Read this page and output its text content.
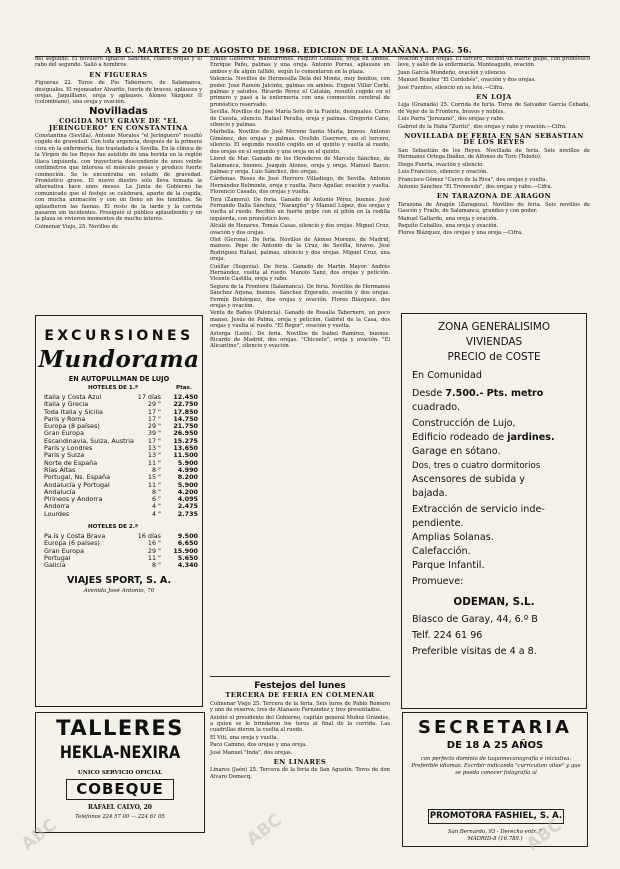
A B C. MARTES 20 DE AGOSTO DE 1968. EDICION DE LA MAÑANA. PAG. 56.

del segundo. El novillero Ignacio Sánchez, cuatro orejas y el rabo del segundo. Salió a hombros.

EN FIGUERAS

Figueras 22. Toros de Pío Tabernero, de Salamanca, desiguales. El rejoneador Alvarito, fuerte de bravos, aplausos y orejas. Jaquilliano, oreja y aplausos. Alonso Vázquez II (colombiano), una oreja y ovación.

Novilladas
COGIDA MUY GRAVE DE "EL JERINGUERO" EN CONSTANTINA

Constantina (Sevilla). Antonio Morales "el Jeringuero" resultó cogido de gravedad. Con toda urgencia, después de la primera cura en la enfermería, fue trasladado a Sevilla. En la clínica de la Virgen de los Reyes fue asistido de una herida en la región ilíaca izquierda, con trayectoria descendente de unos veinte centímetros que interesa el músculo psoas y produce fuerte conmoción. Se le encontraba en estado de gravedad. Pronóstico grave. El nuevo diestro sólo lleva tomada la alternativa hace unos meses. La Junta de Gobierno ha comunicado que el festejo se celebrará, aparte de la cogida, con mucha animación y con un lleno en los tendidos. Se aplaudieron las faenas. El resto de la tarde y la corrida pasaron sin incidentes. Prosiguió el público aplaudiendo y en la plaza se vivieron momentos de mucho interés.

Colmenar Viejo, 25. Novillos de

Emilio Gutiérrez, mansurrones. Paquito Ceballos, oreja en ambos. Enrique Paño, palmas y una oreja. Antonio Porras, aplausos en ambos y de algún fallido, según lo comentaron en la plaza.

Valencia. Novillos de Hermosilla Dela del Monte, muy bonitos, con poder. José Ramón Jalcinte, palmas en ambos. Eugeni Villar Corbí, palmas y saludos. Ricardo Pérez el Catalán, resultó cogido en el primero y pasó a la enfermería con una conmoción cerebral de pronóstico reservado.

Sevilla. Novillos de José María Soto de la Fuente, desiguales. Curro de Cuesta, silencio. Rafael Peralta, oreja y palmas. Gregorio Cano, silencio y palmas.

Marbella. Novillos de José Moreno Santa María, bravos. Antonio Giménez, dos orejas y palmas. Ocelido Guerrero, en el tercero, silencio. El segundo resultó cogido en el quinto y vuelta al ruedo, dos orejas en el segundo y una oreja en el quinto.

Lloret de Mar. Ganado de los Herederos de Marcelo Sánchez, de Salamanca, buenos. Joaquín Alonso, oreja y oreja. Manuel Barco, palmas y oreja. Luis Sánchez, dos orejas.

Cárdenas. Reses de José Herrero Villadiego, de Sevilla. Antonio Hernández Belmonte, oreja y vuelta. Paco Aguilar, ovación y vuelta. Florencio Casado, dos orejas y vuelta.

Tora (Zamora). De feria. Ganado de Antonio Pérez, buenos. José Fernando Dalla Sánchez, "Naranjito" y Manuel López, dos orejas y vuelta al ruedo. Recibió un fuerte golpe con el pitón en la rodilla izquierda, con pronóstico leve.

Alcalá de Henares. Tomás Casas, silencio y dos orejas. Miguel Cruz, ovación y dos orejas.

Olot (Gerona). De feria. Novillos de Alonso Moreno, de Madrid, mansos. Pepe de Antonio de la Cruz, de Sevilla, bravos. José Rodríguez Rafael, palmas, silencio y dos orejas. Miguel Cruz, una oreja.

Cuéllar (Segovia). De feria. Ganado de Martín Mayor. Andrés Hernández, vuelta al ruedo. Manolo Sanz, dos orejas y petición. Vicente Castilla, oreja y rabo.

Segura de la Frontera (Salamanca). De feria. Novillos de Hermanos Sánchez Arjona, buenos. Sánchez Enjerado, ovación y dos orejas. Fermín Bohórquez, dos orejas y ovación. Flores Blázquez, dos orejas y ovación.

Venta de Baños (Palencia). Ganado de Rosalía Tabernero, un poco manso. Jesús de Palma, oreja y petición. Gabriel de la Casa, dos orejas y vuelta al ruedo. "El Regor", ovación y vuelta.

Astorga (León). De feria. Novillos de Isabel Ramírez, buenos. Ricardo de Madrid, dos orejas. "Chicuelo", oreja y ovación. "El Alicantino", silencio y ovación.

Festejos del lunes
TERCERA DE FERIA EN COLMENAR

Colmenar Viejo 25. Tercera de la feria. Seis toros de Pablo Romero y uno de reserva, tres de Atanasio Fernández y tres presentados.

Asistió el presidente del Gobierno, capitán general Muñoz Grandes, a quien se le brindaron los toros al final de la corrida. Las cuadrillas dieron la vuelta al ruedo.

El Viti, una oreja y vuelta.

Paco Camino, dos orejas y una oreja.

José Manuel "Inda", dos orejas.

EN LINARES

Linares (Jaén) 25. Tercera de la feria de San Agustín. Toros de don Alvaro Domecq.

ovación y dos orejas. El tercero, recibió un fuerte golpe, con pronóstico leve, y salió de la enfermería. Monteagudo, ovación.

Juan García Mondeño, ovación y silencio.

Manuel Benítez "El Cordobés", ovación y dos orejas.

José Fuentes, silencio en su lote.—Cifra.

EN LOJA

Loja (Granada) 25. Corrida de feria. Toros de Salvador García Cebada, de Vejer de la Frontera, bravos y nobles.

Luis Parra "Jerezano", dos orejas y rabo.

Gabriel de la Haba "Zurito", dos orejas y rabo y ovación.—Cifra.

NOVILLADA DE FERIA EN SAN SEBASTIAN DE LOS REYES

San Sebastián de los Reyes. Novillada de feria. Seis novillos de Hermanos Ortega Ibáñez, de Alfonso de Toro (Toledo).

Diego Puerta, ovación y silencio.

Luis Francisco, silencio y ovación.

Francisco Gómez "Curro de la Riva", dos orejas y vuelta.

Antonio Sánchez "El Tremendo", dos orejas y rabo.—Cifra.

EN TARAZONA DE ARAGON

Tarazona de Aragón (Zaragoza). Novillos de feria. Seis novillos de Gascón y Fraile, de Salamanca, grandes y con poder.

Manuel Gallardo, una oreja y ovación.

Paquito Ceballos, una oreja y ovación.

Flores Blázquez, dos orejas y una oreja.—Cifra.

EXCURSIONES
Mundorama
EN AUTOPULLMAN DE LUJO
HOTELES DE 1.ª	Ptas.
Italia y Costa Azul	17 días	12.450
Italia y Grecia	29 "	22.750
Toda Italia y Sicilia	17 "	17.850
Paris y Roma	17 "	14.750
Europa (8 países)	29 "	21.750
Gran Europa	39 "	26.950
Escandinavia, Suiza, Austria	17 "	15.275
Paris y Londres	13 "	13.650
Paris y Suiza	13 "	11.500
Norte de España	11 "	5.900
Rías Altas	8 "	4.990
Portugal, Ns. España	15 "	8.200
Andalucía y Portugal	11 "	5.900
Andalucía	8 "	4.200
Pirineos y Andorra	6 "	4.095
Andorra	4 "	2.475
Lourdes	4 "	2.735
HOTELES DE 2.ª
Pa.ís y Costa Brava	16 días	9.500
Europa (6 países)	16 "	6.650
Gran Europa	29 "	15.900
Portugal	11 "	5.650
Galicia	8 "	4.340
VIAJES SPORT, S. A.
Avenida José Antonio, 70
TALLERES
HEKLA-NEXIRA
UNICO SERVICIO OFICIAL
COBEQUE
RAFAEL CALVO, 20
Teléfonos 224 57 00 — 224 61 05
ZONA GENERALISIMO
VIVIENDAS
PRECIO de COSTE
En Comunidad
Desde 7.500.- Pts. metro
cuadrado.
Construcción de Lujo,
Edificio rodeado de jardines.
Garage en sótano.
Dos, tres o cuatro dormitorios
Ascensores de subida y
bajada.
Extracción de servicio inde-
pendiente.
Amplias Solanas.
Calefacción.
Parque Infantil.
Promueve:
ODEMAN, S.L.
Blasco de Garay, 44, 6.º B
Telf. 224 61 96
Preferible visitas de 4 a 8.
SECRETARIA
DE 18 A 25 AÑOS
con perfecto dominio de taquimecanografía e iniciativa. Preferible idiomas. Escribir indicando "curriculum vitae" y que se pueda conocer fotografía al
PROMOTORA FASHIEL, S. A.
San Bernardo, 93 - Derecho entr. 7
MADRID-8 (16.789.)
ABC	ABC	ABC
